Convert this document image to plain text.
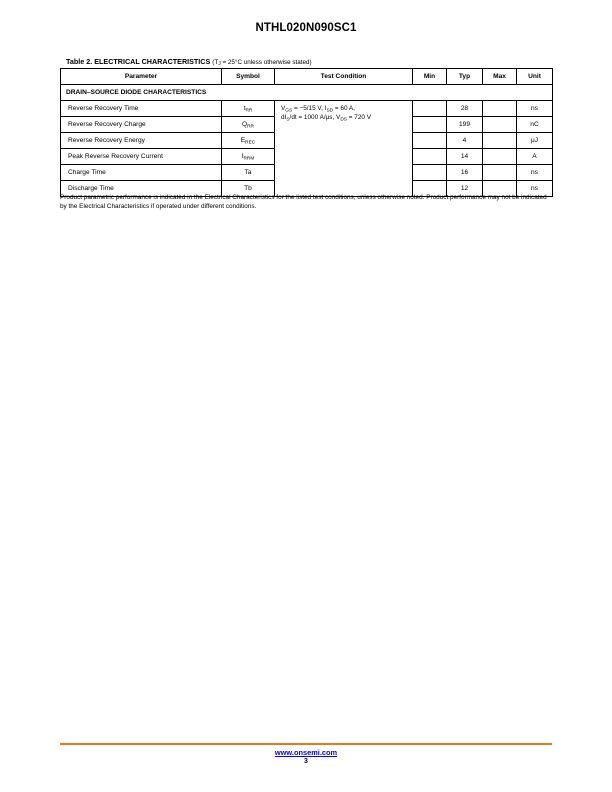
NTHL020N090SC1
Table 2. ELECTRICAL CHARACTERISTICS ($T_J = 25^\circ C$ unless otherwise stated)
Parameter	Symbol	Test Condition	Min	Typ	Max	Unit
DRAIN–SOURCE DIODE CHARACTERISTICS						
Reverse Recovery Time	$t_{RR}$	$V_{GS} = -5/15$ V, $I_{SD} = 60$ A,
$dI_S/dt = 1000$ A/μs, $V_{DS} = 720$ V		28		ns
Reverse Recovery Charge	$Q_{RR}$			199		nC
Reverse Recovery Energy	$E_{REC}$			4		μJ
Peak Reverse Recovery Current	$I_{RRM}$			14		A
Charge Time	Ta			16		ns
Discharge Time	Tb			12		ns
Product parametric performance is indicated in the Electrical Characteristics for the listed test conditions, unless otherwise noted. Product performance may not be indicated by the Electrical Characteristics if operated under different conditions.
www.onsemi.com
3
